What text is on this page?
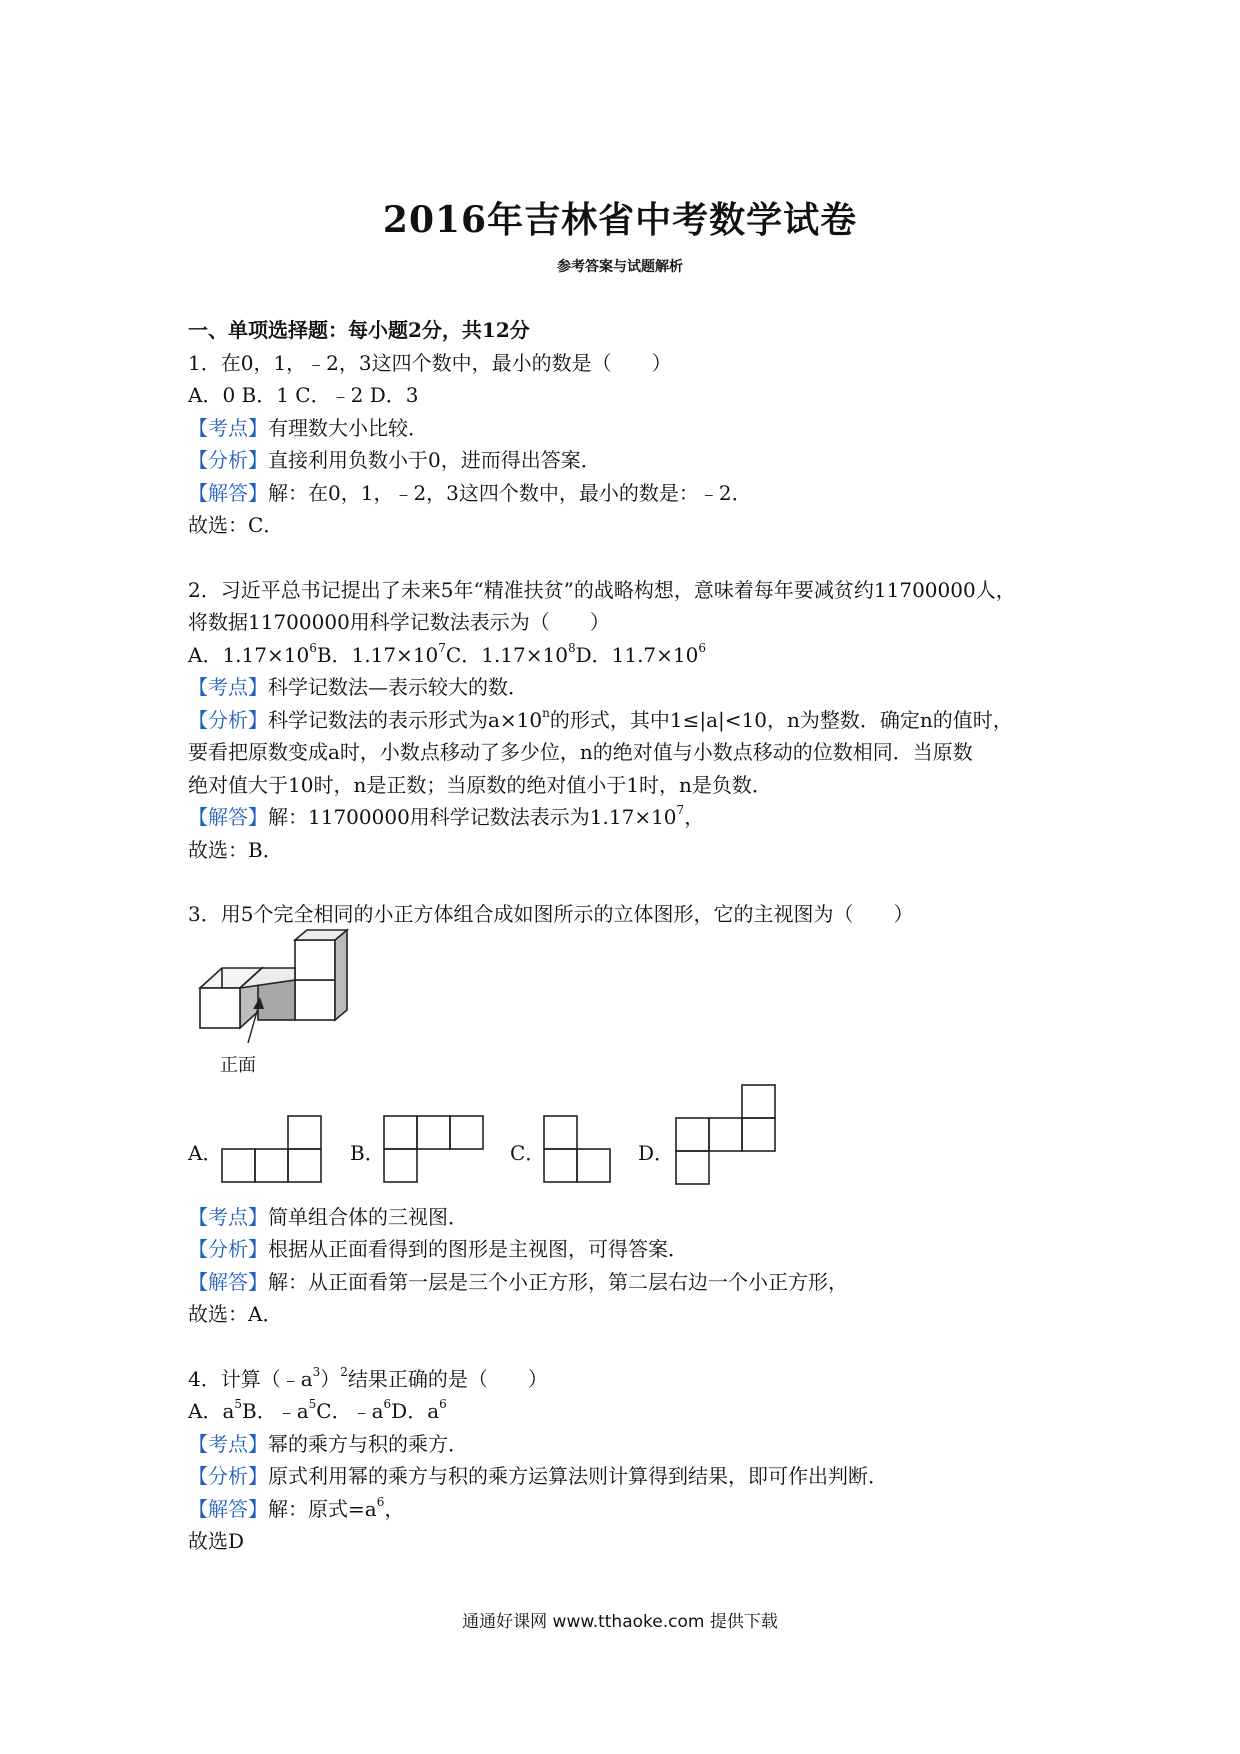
2016年吉林省中考数学试卷
参考答案与试题解析
一、单项选择题：每小题2分，共12分
1．在0，1，﹣2，3这四个数中，最小的数是（　　）
A．0 B．1 C．﹣2 D．3
【考点】有理数大小比较．
【分析】直接利用负数小于0，进而得出答案．
【解答】解：在0，1，﹣2，3这四个数中，最小的数是：﹣2．
故选：C．
2．习近平总书记提出了未来5年“精准扶贫”的战略构想，意味着每年要减贫约11700000人，
将数据11700000用科学记数法表示为（　　）
A．$1.17\times 10^6B$．$1.17\times 10^7C$．$1.17\times 10^8D$．$11.7\times 10^6$
【考点】科学记数法—表示较大的数．
【分析】科学记数法的表示形式为$a\times 10^n$的形式，其中1≤|a|<10，n为整数．确定n的值时，
要看把原数变成a时，小数点移动了多少位，n的绝对值与小数点移动的位数相同．当原数
绝对值大于10时，n是正数；当原数的绝对值小于1时，n是负数．
【解答】解：11700000用科学记数法表示为$1.17\times 10^7$，
故选：B．
3．用5个完全相同的小正方体组合成如图所示的立体图形，它的主视图为（　　）
正面
A．	B．	C．	D．
【考点】简单组合体的三视图．
【分析】根据从正面看得到的图形是主视图，可得答案．
【解答】解：从正面看第一层是三个小正方形，第二层右边一个小正方形，
故选：A．
4．计算$(﹣a^3)^2$结果正确的是（　　）
A．$a^5B$．$﹣a^5C$．$﹣a^6D$．$a^6$
【考点】幂的乘方与积的乘方．
【分析】原式利用幂的乘方与积的乘方运算法则计算得到结果，即可作出判断．
【解答】解：原式$=a^6$，
故选D
通通好课网 www.tthaoke.com 提供下载
